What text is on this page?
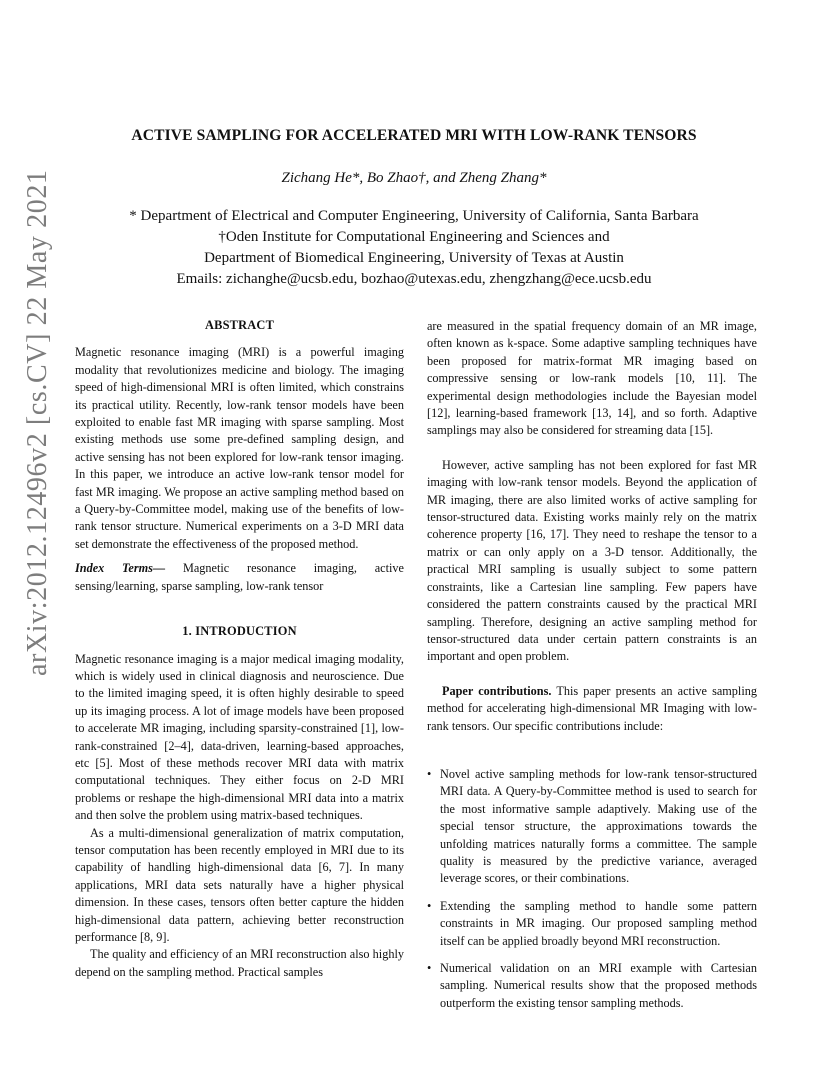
arXiv:2012.12496v2 [cs.CV] 22 May 2021
ACTIVE SAMPLING FOR ACCELERATED MRI WITH LOW-RANK TENSORS
Zichang He*, Bo Zhao†, and Zheng Zhang*
* Department of Electrical and Computer Engineering, University of California, Santa Barbara
†Oden Institute for Computational Engineering and Sciences and
Department of Biomedical Engineering, University of Texas at Austin
Emails: zichanghe@ucsb.edu, bozhao@utexas.edu, zhengzhang@ece.ucsb.edu
ABSTRACT

Magnetic resonance imaging (MRI) is a powerful imaging modality that revolutionizes medicine and biology. The imaging speed of high-dimensional MRI is often limited, which constrains its practical utility. Recently, low-rank tensor models have been exploited to enable fast MR imaging with sparse sampling. Most existing methods use some pre-defined sampling design, and active sensing has not been explored for low-rank tensor imaging. In this paper, we introduce an active low-rank tensor model for fast MR imaging. We propose an active sampling method based on a Query-by-Committee model, making use of the benefits of low-rank tensor structure. Numerical experiments on a 3-D MRI data set demonstrate the effectiveness of the proposed method.

Index Terms— Magnetic resonance imaging, active sensing/learning, sparse sampling, low-rank tensor

1. INTRODUCTION

Magnetic resonance imaging is a major medical imaging modality, which is widely used in clinical diagnosis and neuroscience. Due to the limited imaging speed, it is often highly desirable to speed up its imaging process. A lot of image models have been proposed to accelerate MR imaging, including sparsity-constrained [1], low-rank-constrained [2–4], data-driven, learning-based approaches, etc [5]. Most of these methods recover MRI data with matrix computational techniques. They either focus on 2-D MRI problems or reshape the high-dimensional MRI data into a matrix and then solve the problem using matrix-based techniques.

As a multi-dimensional generalization of matrix computation, tensor computation has been recently employed in MRI due to its capability of handling high-dimensional data [6, 7]. In many applications, MRI data sets naturally have a higher physical dimension. In these cases, tensors often better capture the hidden high-dimensional data pattern, achieving better reconstruction performance [8, 9].

The quality and efficiency of an MRI reconstruction also highly depend on the sampling method. Practical samples

are measured in the spatial frequency domain of an MR image, often known as k-space. Some adaptive sampling techniques have been proposed for matrix-format MR imaging based on compressive sensing or low-rank models [10, 11]. The experimental design methodologies include the Bayesian model [12], learning-based framework [13, 14], and so forth. Adaptive samplings may also be considered for streaming data [15].

However, active sampling has not been explored for fast MR imaging with low-rank tensor models. Beyond the application of MR imaging, there are also limited works of active sampling for tensor-structured data. Existing works mainly rely on the matrix coherence property [16, 17]. They need to reshape the tensor to a matrix or can only apply on a 3-D tensor. Additionally, the practical MRI sampling is usually subject to some pattern constraints, like a Cartesian line sampling. Few papers have considered the pattern constraints caused by the practical MRI sampling. Therefore, designing an active sampling method for tensor-structured data under certain pattern constraints is an important and open problem.

Paper contributions. This paper presents an active sampling method for accelerating high-dimensional MR Imaging with low-rank tensors. Our specific contributions include:

• Novel active sampling methods for low-rank tensor-structured MRI data. A Query-by-Committee method is used to search for the most informative sample adaptively. Making use of the special tensor structure, the approximations towards the unfolding matrices naturally forms a committee. The sample quality is measured by the predictive variance, averaged leverage scores, or their combinations.
• Extending the sampling method to handle some pattern constraints in MR imaging. Our proposed sampling method itself can be applied broadly beyond MRI reconstruction.
• Numerical validation on an MRI example with Cartesian sampling. Numerical results show that the proposed methods outperform the existing tensor sampling methods.
